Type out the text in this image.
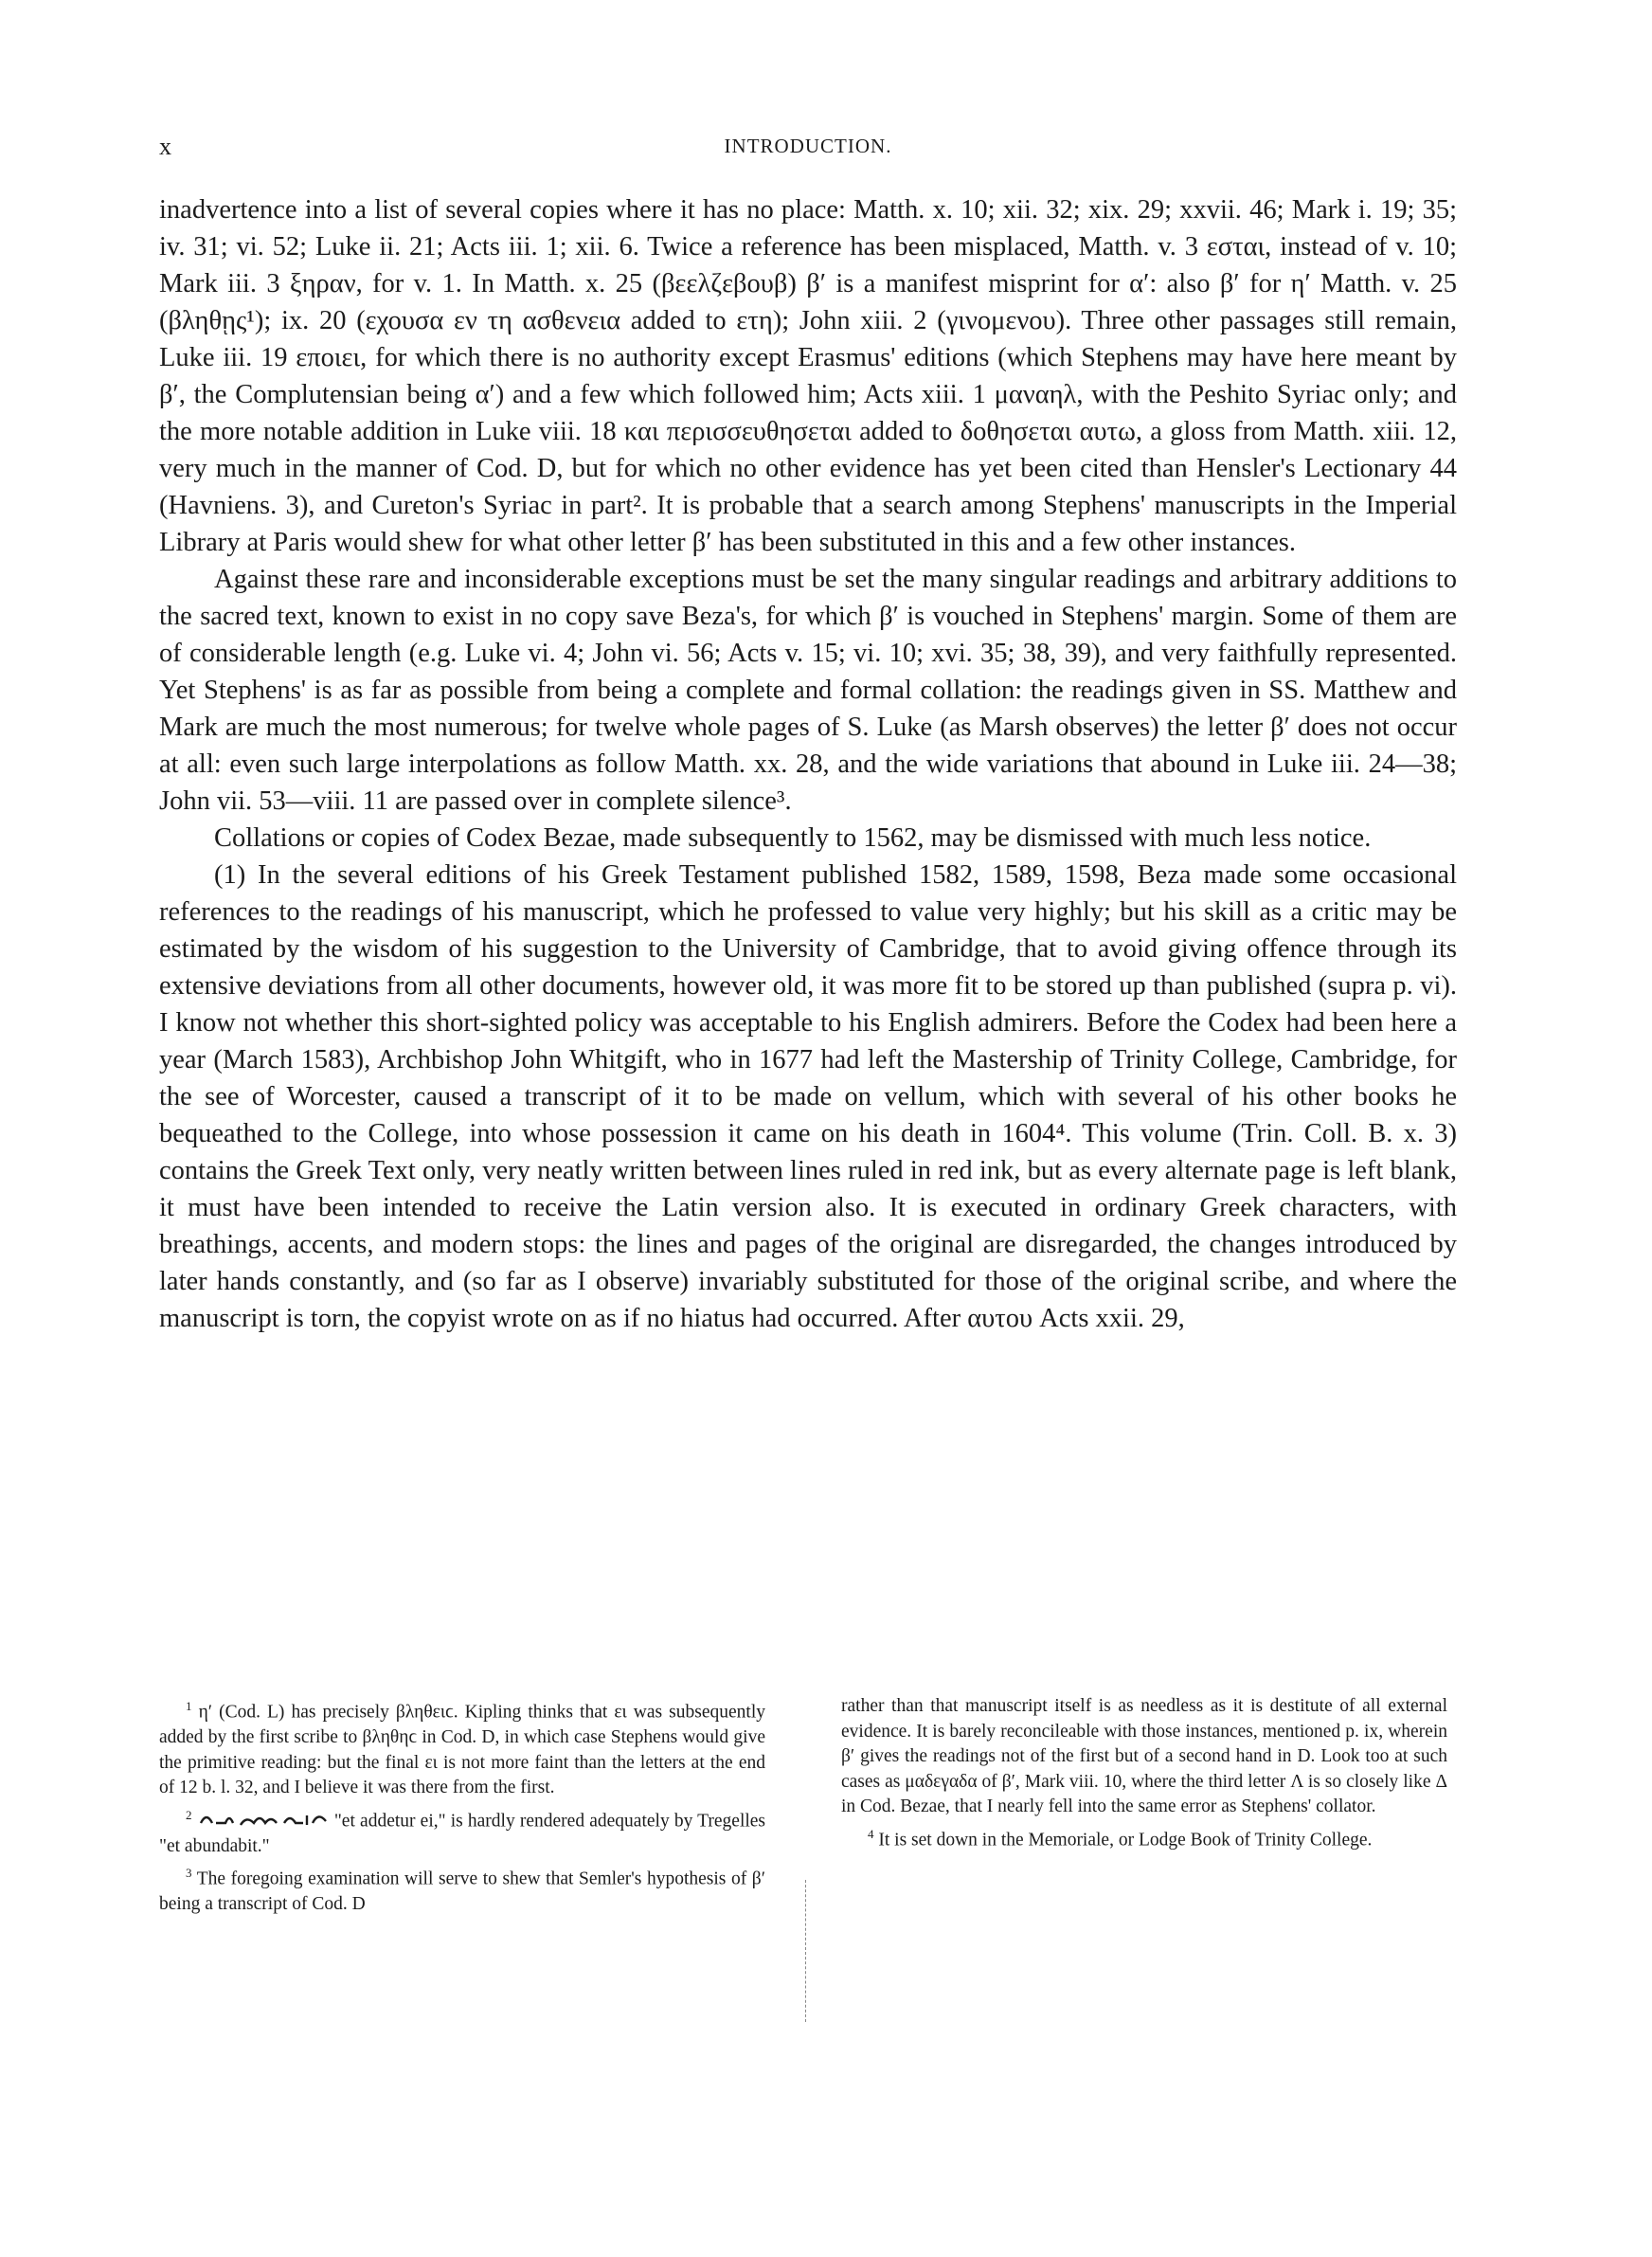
x	INTRODUCTION.

inadvertence into a list of several copies where it has no place: Matth. x. 10; xii. 32; xix. 29; xxvii. 46; Mark i. 19; 35; iv. 31; vi. 52; Luke ii. 21; Acts iii. 1; xii. 6. Twice a reference has been misplaced, Matth. v. 3 εσται, instead of v. 10; Mark iii. 3 ξηραν, for v. 1. In Matth. x. 25 (βεελζεβουβ) β′ is a manifest misprint for α′: also β′ for η′ Matth. v. 25 (βληθῃς¹); ix. 20 (εχουσα εν τη ασθενεια added to ετη); John xiii. 2 (γινομενου). Three other passages still remain, Luke iii. 19 εποιει, for which there is no authority except Erasmus' editions (which Stephens may have here meant by β′, the Complutensian being α′) and a few which followed him; Acts xiii. 1 μαναηλ, with the Peshito Syriac only; and the more notable addition in Luke viii. 18 και περισσευθησεται added to δοθησεται αυτω, a gloss from Matth. xiii. 12, very much in the manner of Cod. D, but for which no other evidence has yet been cited than Hensler's Lectionary 44 (Havniens. 3), and Cureton's Syriac in part². It is probable that a search among Stephens' manuscripts in the Imperial Library at Paris would shew for what other letter β′ has been substituted in this and a few other instances.

Against these rare and inconsiderable exceptions must be set the many singular readings and arbitrary additions to the sacred text, known to exist in no copy save Beza's, for which β′ is vouched in Stephens' margin. Some of them are of considerable length (e.g. Luke vi. 4; John vi. 56; Acts v. 15; vi. 10; xvi. 35; 38, 39), and very faithfully represented. Yet Stephens' is as far as possible from being a complete and formal collation: the readings given in SS. Matthew and Mark are much the most numerous; for twelve whole pages of S. Luke (as Marsh observes) the letter β′ does not occur at all: even such large interpolations as follow Matth. xx. 28, and the wide variations that abound in Luke iii. 24—38; John vii. 53—viii. 11 are passed over in complete silence³.

Collations or copies of Codex Bezae, made subsequently to 1562, may be dismissed with much less notice.

(1) In the several editions of his Greek Testament published 1582, 1589, 1598, Beza made some occasional references to the readings of his manuscript, which he professed to value very highly; but his skill as a critic may be estimated by the wisdom of his suggestion to the University of Cambridge, that to avoid giving offence through its extensive deviations from all other documents, however old, it was more fit to be stored up than published (supra p. vi). I know not whether this short-sighted policy was acceptable to his English admirers. Before the Codex had been here a year (March 1583), Archbishop John Whitgift, who in 1677 had left the Mastership of Trinity College, Cambridge, for the see of Worcester, caused a transcript of it to be made on vellum, which with several of his other books he bequeathed to the College, into whose possession it came on his death in 1604⁴. This volume (Trin. Coll. B. x. 3) contains the Greek Text only, very neatly written between lines ruled in red ink, but as every alternate page is left blank, it must have been intended to receive the Latin version also. It is executed in ordinary Greek characters, with breathings, accents, and modern stops: the lines and pages of the original are disregarded, the changes introduced by later hands constantly, and (so far as I observe) invariably substituted for those of the original scribe, and where the manuscript is torn, the copyist wrote on as if no hiatus had occurred. After αυτου Acts xxii. 29,

$^1$ η′ (Cod. L) has precisely βληθειϲ. Kipling thinks that ει was subsequently added by the first scribe to βληθηϲ in Cod. D, in which case Stephens would give the primitive reading: but the final ει is not more faint than the letters at the end of 12 b. l. 32, and I believe it was there from the first.

$^2$	"et addetur ei," is hardly rendered adequately by Tregelles "et abundabit."

$^3$ The foregoing examination will serve to shew that Semler's hypothesis of β′ being a transcript of Cod. D

rather than that manuscript itself is as needless as it is destitute of all external evidence. It is barely reconcileable with those instances, mentioned p. ix, wherein β′ gives the readings not of the first but of a second hand in D. Look too at such cases as μαδεγαδα of β′, Mark viii. 10, where the third letter Λ is so closely like Δ in Cod. Bezae, that I nearly fell into the same error as Stephens' collator.

$^4$ It is set down in the Memoriale, or Lodge Book of Trinity College.
